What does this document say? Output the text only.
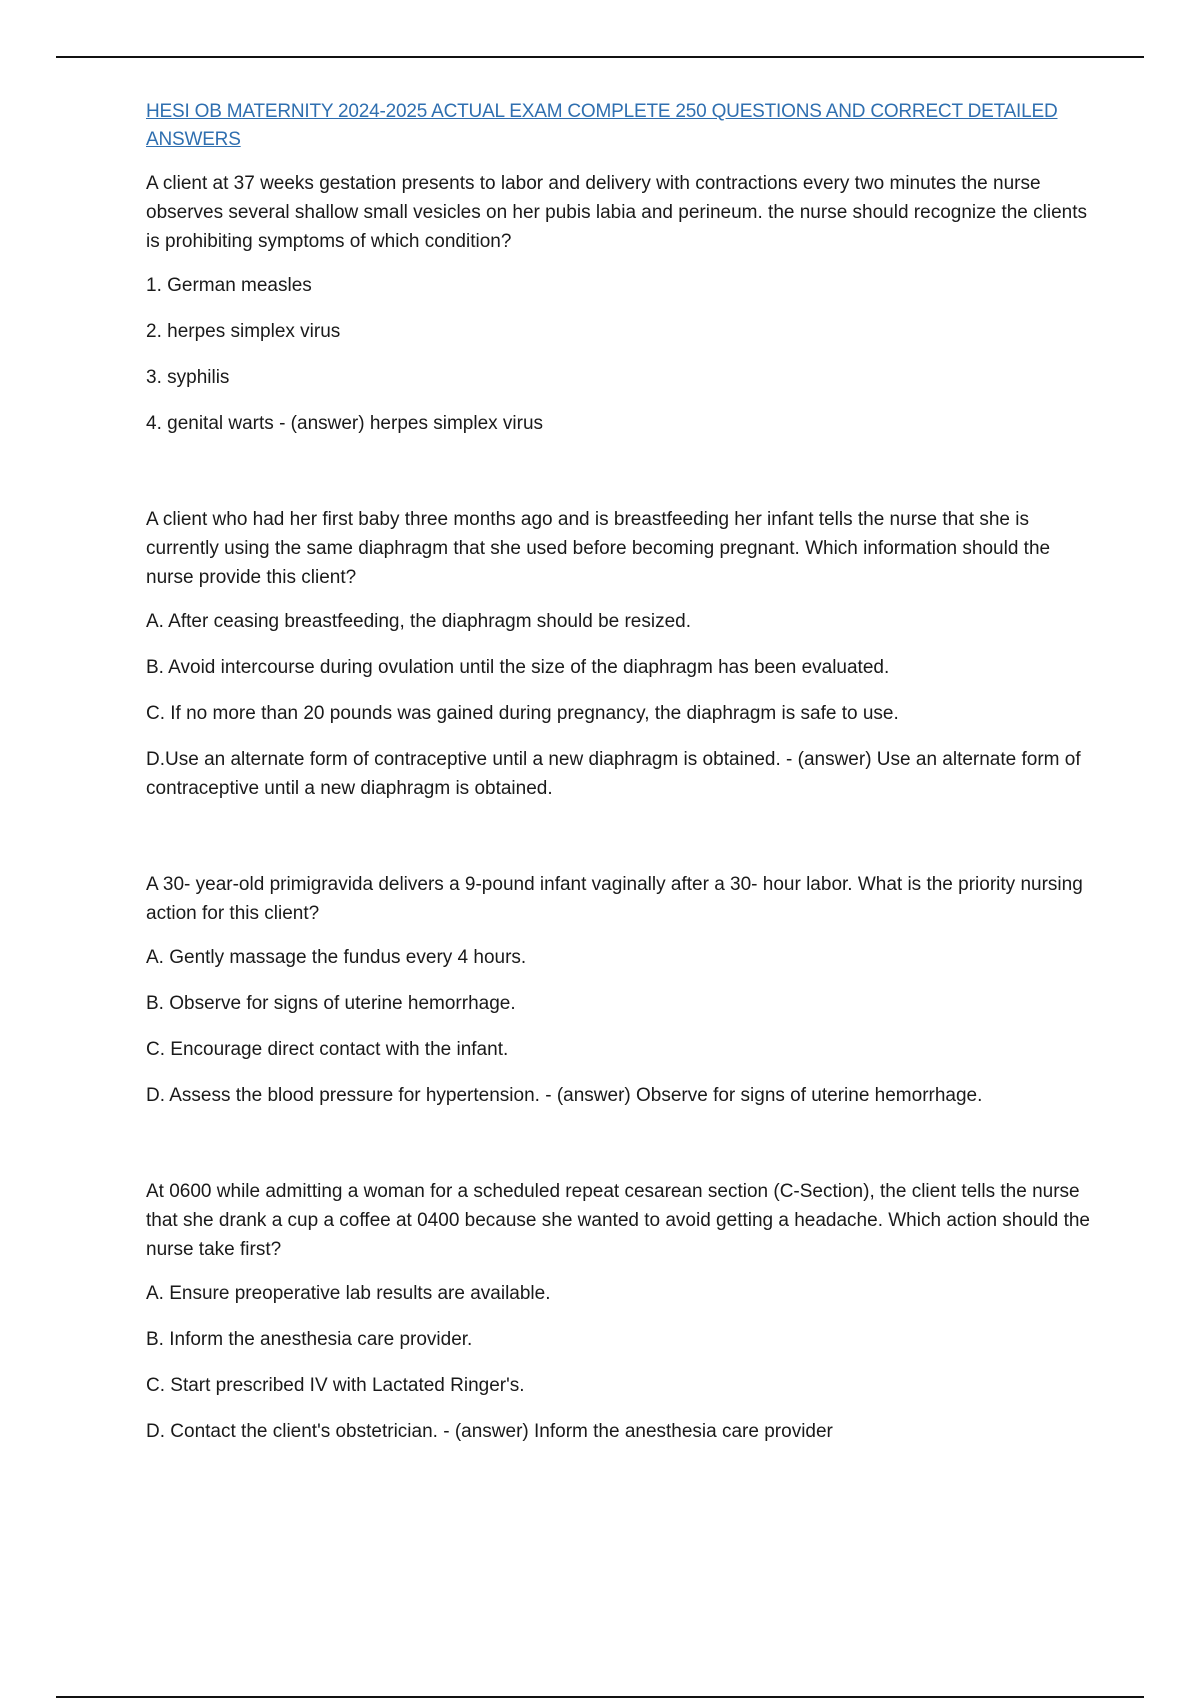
HESI OB MATERNITY 2024-2025 ACTUAL EXAM COMPLETE 250 QUESTIONS AND CORRECT DETAILED ANSWERS

A client at 37 weeks gestation presents to labor and delivery with contractions every two minutes the nurse observes several shallow small vesicles on her pubis labia and perineum. the nurse should recognize the clients is prohibiting symptoms of which condition?

1. German measles

2. herpes simplex virus

3. syphilis

4. genital warts - (answer) herpes simplex virus

A client who had her first baby three months ago and is breastfeeding her infant tells the nurse that she is currently using the same diaphragm that she used before becoming pregnant. Which information should the nurse provide this client?

A. After ceasing breastfeeding, the diaphragm should be resized.

B. Avoid intercourse during ovulation until the size of the diaphragm has been evaluated.

C. If no more than 20 pounds was gained during pregnancy, the diaphragm is safe to use.

D.Use an alternate form of contraceptive until a new diaphragm is obtained. - (answer) Use an alternate form of contraceptive until a new diaphragm is obtained.

A 30- year-old primigravida delivers a 9-pound infant vaginally after a 30- hour labor. What is the priority nursing action for this client?

A. Gently massage the fundus every 4 hours.

B. Observe for signs of uterine hemorrhage.

C. Encourage direct contact with the infant.

D. Assess the blood pressure for hypertension. - (answer) Observe for signs of uterine hemorrhage.

At 0600 while admitting a woman for a scheduled repeat cesarean section (C-Section), the client tells the nurse that she drank a cup a coffee at 0400 because she wanted to avoid getting a headache. Which action should the nurse take first?

A. Ensure preoperative lab results are available.

B. Inform the anesthesia care provider.

C. Start prescribed IV with Lactated Ringer's.

D. Contact the client's obstetrician. - (answer) Inform the anesthesia care provider
